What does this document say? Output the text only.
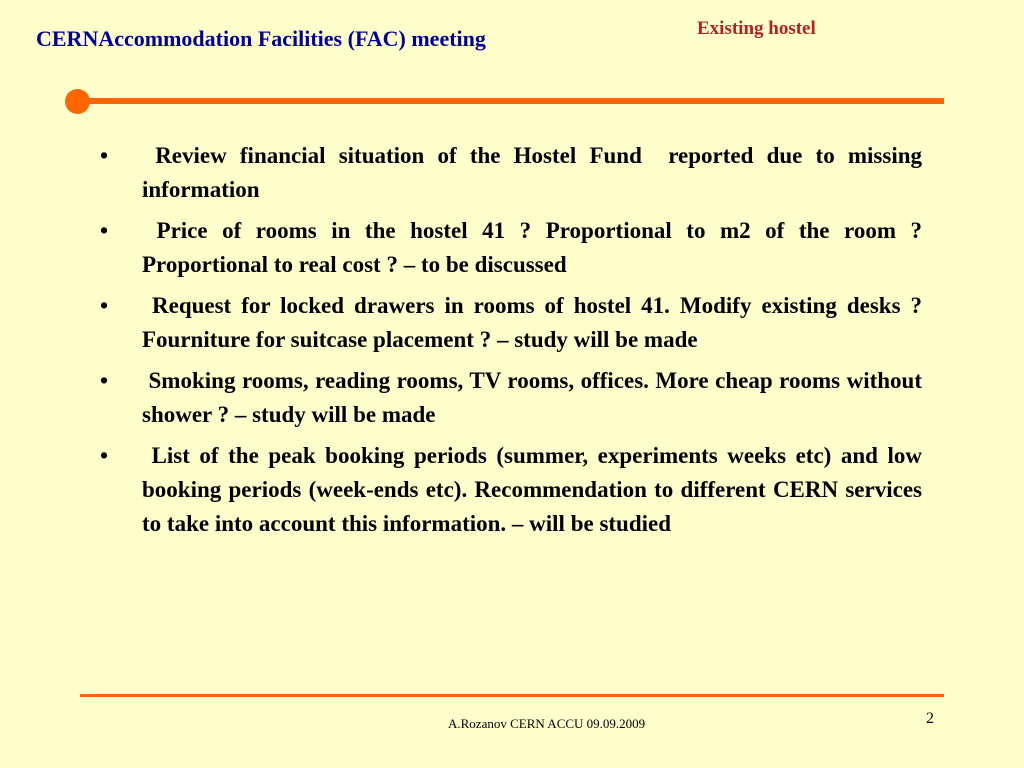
CERNAccommodation Facilities (FAC) meeting	Existing hostel
•	Review financial situation of the Hostel Fund  reported due to missing information
•	Price of rooms in the hostel 41 ? Proportional to m2 of the room ? Proportional to real cost ? – to be discussed
•	Request for locked drawers in rooms of hostel 41. Modify existing desks ? Fourniture for suitcase placement ? – study will be made
•	Smoking rooms, reading rooms, TV rooms, offices. More cheap rooms without shower ? – study will be made
•	List of the peak booking periods (summer, experiments weeks etc) and low  booking periods (week-ends etc). Recommendation to different CERN services to take into account this information. – will be studied
A.Rozanov CERN ACCU 09.09.2009	2
